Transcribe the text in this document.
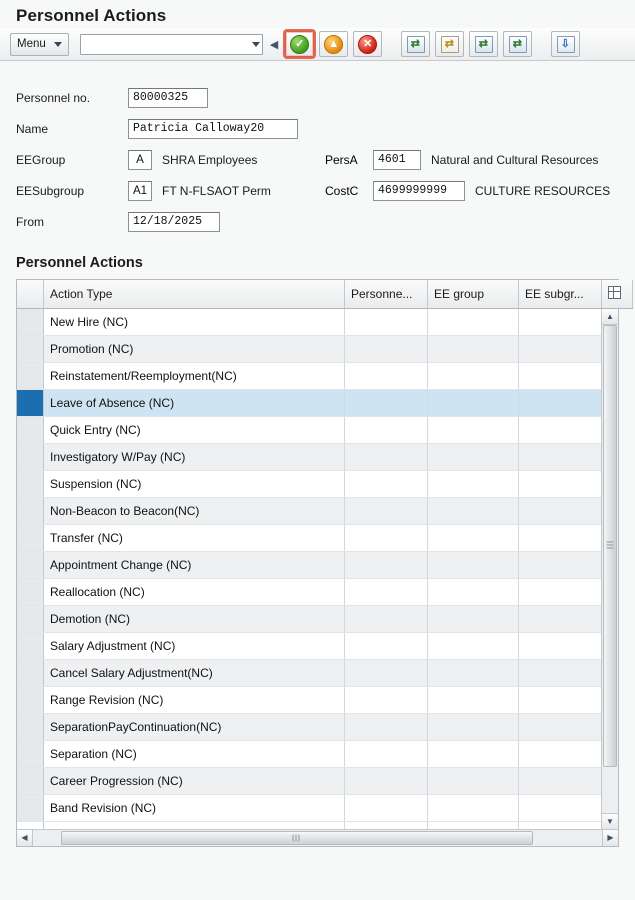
Personnel Actions
Menu	◀	✓	▲	✕	⇄ ⇄ ⇄ ⇄	⇩
Personnel no.	80000325
Name	Patricia Calloway20
EEGroup	A	SHRA Employees	PersA	4601	Natural and Cultural Resources
EESubgroup	A1	FT N-FLSAOT Perm	CostC	4699999999	CULTURE RESOURCES
From	12/18/2025
Personnel Actions
	Action Type	Personne...	EE group	EE subgr...	
	New Hire (NC)				
	Promotion (NC)				
	Reinstatement/Reemployment(NC)				
	Leave of Absence (NC)				
	Quick Entry (NC)				
	Investigatory W/Pay (NC)				
	Suspension (NC)				
	Non-Beacon to Beacon(NC)				
	Transfer (NC)				
	Appointment Change (NC)				
	Reallocation (NC)				
	Demotion (NC)				
	Salary Adjustment (NC)				
	Cancel Salary Adjustment(NC)				
	Range Revision (NC)				
	SeparationPayContinuation(NC)				
	Separation (NC)				
	Career Progression (NC)				
	Band Revision (NC)				

▲
▼
◀	▶
